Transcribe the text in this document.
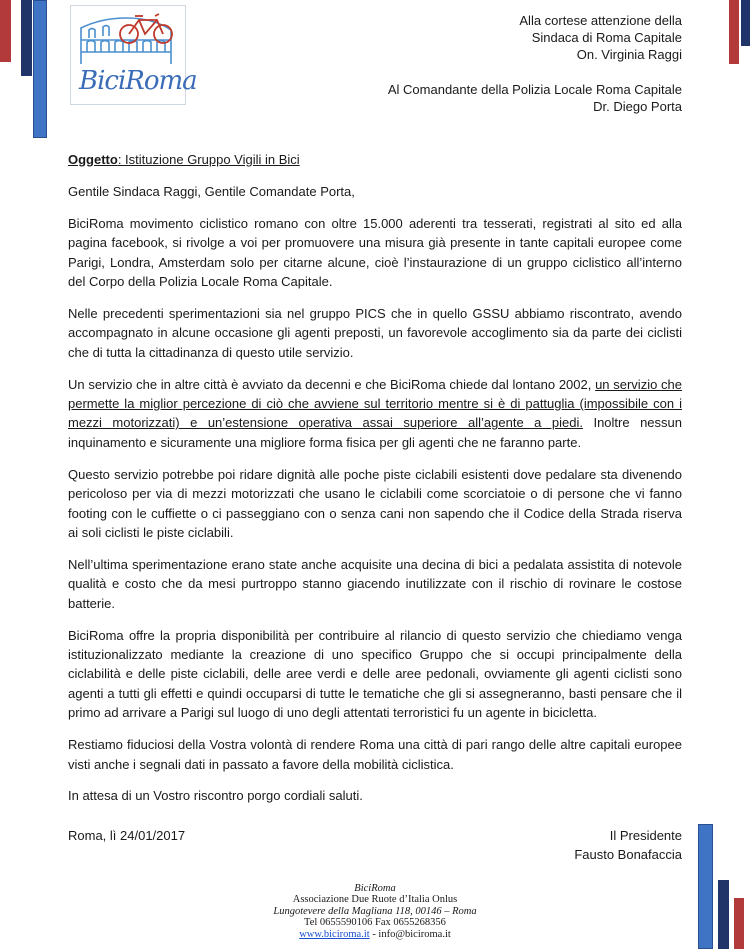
BiciRoma
Alla cortese attenzione della
Sindaca di Roma Capitale
On. Virginia Raggi
Al Comandante della Polizia Locale Roma Capitale
Dr. Diego Porta

Oggetto: Istituzione Gruppo Vigili in Bici

Gentile Sindaca Raggi, Gentile Comandate Porta,

BiciRoma movimento ciclistico romano con oltre 15.000 aderenti tra tesserati, registrati al sito ed alla pagina facebook, si rivolge a voi per promuovere una misura già presente in tante capitali europee come Parigi, Londra, Amsterdam solo per citarne alcune, cioè l’instaurazione di un gruppo ciclistico all’interno del Corpo della Polizia Locale Roma Capitale.

Nelle precedenti sperimentazioni sia nel gruppo PICS che in quello GSSU abbiamo riscontrato, avendo accompagnato in alcune occasione gli agenti preposti, un favorevole accoglimento sia da parte dei ciclisti che di tutta la cittadinanza di questo utile servizio.

Un servizio che in altre città è avviato da decenni e che BiciRoma chiede dal lontano 2002, un servizio che permette la miglior percezione di ciò che avviene sul territorio mentre si è di pattuglia (impossibile con i mezzi motorizzati) e un’estensione operativa assai superiore all’agente a piedi. Inoltre nessun inquinamento e sicuramente una migliore forma fisica per gli agenti che ne faranno parte.

Questo servizio potrebbe poi ridare dignità alle poche piste ciclabili esistenti dove pedalare sta divenendo pericoloso per via di mezzi motorizzati che usano le ciclabili come scorciatoie o di persone che vi fanno footing con le cuffiette o ci passeggiano con o senza cani non sapendo che il Codice della Strada riserva ai soli ciclisti le piste ciclabili.

Nell’ultima sperimentazione erano state anche acquisite una decina di bici a pedalata assistita di notevole qualità e costo che da mesi purtroppo stanno giacendo inutilizzate con il rischio di rovinare le costose batterie.

BiciRoma offre la propria disponibilità per contribuire al rilancio di questo servizio che chiediamo venga istituzionalizzato mediante la creazione di uno specifico Gruppo che si occupi principalmente della ciclabilità e delle piste ciclabili, delle aree verdi e delle aree pedonali, ovviamente gli agenti ciclisti sono agenti a tutti gli effetti e quindi occuparsi di tutte le tematiche che gli si assegneranno, basti pensare che il primo ad arrivare a Parigi sul luogo di uno degli attentati terroristici fu un agente in bicicletta.

Restiamo fiduciosi della Vostra volontà di rendere Roma una città di pari rango delle altre capitali europee visti anche i segnali dati in passato a favore della mobilità ciclistica.

In attesa di un Vostro riscontro porgo cordiali saluti.

Roma, lì 24/01/2017	Il Presidente
Fausto Bonafaccia
BiciRoma
Associazione Due Ruote d’Italia Onlus
Lungotevere della Magliana 118, 00146 – Roma
Tel 0655590106 Fax 0655268356
www.biciroma.it - info@biciroma.it
